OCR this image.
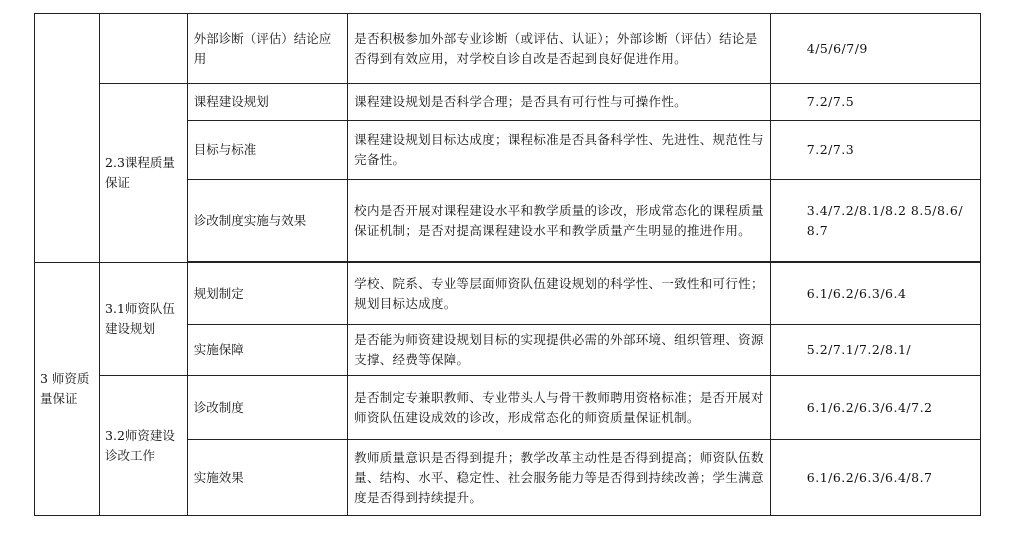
		外部诊断（评估）结论应用	是否积极参加外部专业诊断（或评估、认证）；外部诊断（评估）结论是否得到有效应用，对学校自诊自改是否起到良好促进作用。	4/5/6/7/9
	2.3课程质量保证	课程建设规划	课程建设规划是否科学合理；是否具有可行性与可操作性。	7.2/7.5
		目标与标准	课程建设规划目标达成度；课程标准是否具备科学性、先进性、规范性与完备性。	7.2/7.3
		诊改制度实施与效果	校内是否开展对课程建设水平和教学质量的诊改，形成常态化的课程质量保证机制；是否对提高课程建设水平和教学质量产生明显的推进作用。	3.4/7.2/8.1/8.2 8.5/8.6/8.7

3 师资质量保证	3.1师资队伍建设规划	规划制定	学校、院系、专业等层面师资队伍建设规划的科学性、一致性和可行性；规划目标达成度。	6.1/6.2/6.3/6.4
		实施保障	是否能为师资建设规划目标的实现提供必需的外部环境、组织管理、资源支撑、经费等保障。	5.2/7.1/7.2/8.1/
	3.2师资建设诊改工作	诊改制度	是否制定专兼职教师、专业带头人与骨干教师聘用资格标准；是否开展对师资队伍建设成效的诊改，形成常态化的师资质量保证机制。	6.1/6.2/6.3/6.4/7.2
		实施效果	教师质量意识是否得到提升；教学改革主动性是否得到提高；师资队伍数量、结构、水平、稳定性、社会服务能力等是否得到持续改善；学生满意度是否得到持续提升。	6.1/6.2/6.3/6.4/8.7
